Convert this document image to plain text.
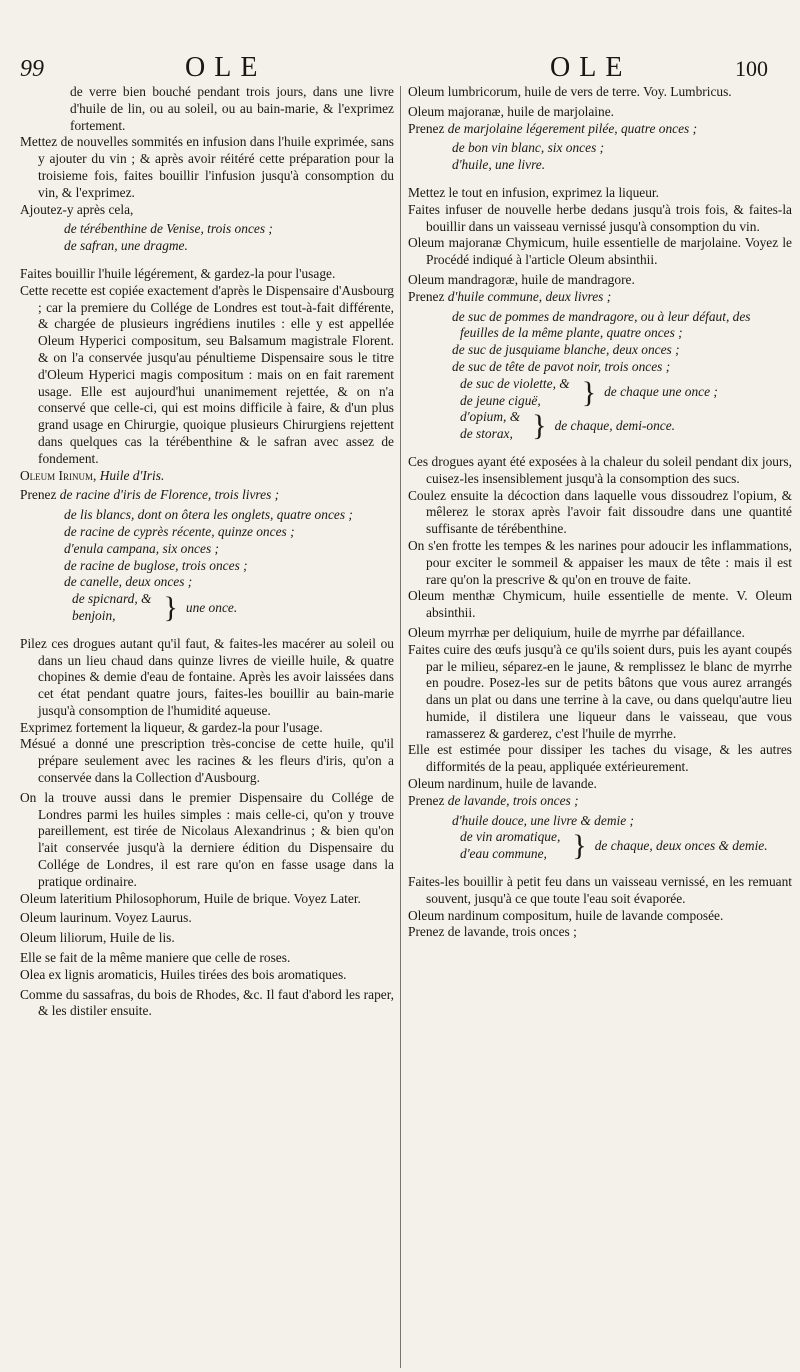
99	OLE	OLE	100

de verre bien bouché pendant trois jours, dans une livre d'huile de lin, ou au soleil, ou au bain-marie, & l'exprimez fortement.

Mettez de nouvelles sommités en infusion dans l'huile exprimée, sans y ajouter du vin ; & après avoir réitéré cette préparation pour la troisieme fois, faites bouillir l'infusion jusqu'à consomption du vin, & l'exprimez.

Ajoutez-y après cela,

de térébenthine de Venise, trois onces ;

de safran, une dragme.

Faites bouillir l'huile légérement, & gardez-la pour l'usage.

Cette recette est copiée exactement d'après le Dispensaire d'Ausbourg ; car la premiere du Collége de Londres est tout-à-fait différente, & chargée de plusieurs ingrédiens inutiles : elle y est appellée Oleum Hyperici compositum, seu Balsamum magistrale Florent. & on l'a conservée jusqu'au pénultieme Dispensaire sous le titre d'Oleum Hyperici magis compositum : mais on en fait rarement usage. Elle est aujourd'hui unanimement rejettée, & on n'a conservé que celle-ci, qui est moins difficile à faire, & d'un plus grand usage en Chirurgie, quoique plusieurs Chirurgiens rejettent dans quelques cas la térébenthine & le safran avec assez de fondement.

Oleum Irinum, Huile d'Iris.

Prenez de racine d'iris de Florence, trois livres ;

de lis blancs, dont on ôtera les onglets, quatre onces ;

de racine de cyprès récente, quinze onces ;

d'enula campana, six onces ;

de racine de buglose, trois onces ;

de canelle, deux onces ;

de spicnard, &

benjoin,	} une once.

Pilez ces drogues autant qu'il faut, & faites-les macérer au soleil ou dans un lieu chaud dans quinze livres de vieille huile, & quatre chopines & demie d'eau de fontaine. Après les avoir laissées dans cet état pendant quatre jours, faites-les bouillir au bain-marie jusqu'à consomption de l'humidité aqueuse.

Exprimez fortement la liqueur, & gardez-la pour l'usage.

Mésué a donné une prescription très-concise de cette huile, qu'il prépare seulement avec les racines & les fleurs d'iris, qu'on a conservée dans la Collection d'Ausbourg.

On la trouve aussi dans le premier Dispensaire du Collége de Londres parmi les huiles simples : mais celle-ci, qu'on y trouve pareillement, est tirée de Nicolaus Alexandrinus ; & bien qu'on l'ait conservée jusqu'à la derniere édition du Dispensaire du Collége de Londres, il est rare qu'on en fasse usage dans la pratique ordinaire.

Oleum lateritium Philosophorum, Huile de brique. Voyez Later.

Oleum laurinum. Voyez Laurus.

Oleum liliorum, Huile de lis.

Elle se fait de la même maniere que celle de roses.

Olea ex lignis aromaticis, Huiles tirées des bois aromatiques.

Comme du sassafras, du bois de Rhodes, &c. Il faut d'abord les raper, & les distiler ensuite.

Oleum lumbricorum, huile de vers de terre. Voy. Lumbricus.

Oleum majoranæ, huile de marjolaine.

Prenez de marjolaine légerement pilée, quatre onces ;

de bon vin blanc, six onces ;

d'huile, une livre.

Mettez le tout en infusion, exprimez la liqueur.

Faites infuser de nouvelle herbe dedans jusqu'à trois fois, & faites-la bouillir dans un vaisseau vernissé jusqu'à consomption du vin.

Oleum majoranæ Chymicum, huile essentielle de marjolaine. Voyez le Procédé indiqué à l'article Oleum absinthii.

Oleum mandragoræ, huile de mandragore.

Prenez d'huile commune, deux livres ;

de suc de pommes de mandragore, ou à leur défaut, des feuilles de la même plante, quatre onces ;

de suc de jusquiame blanche, deux onces ;

de suc de tête de pavot noir, trois onces ;

de suc de violette, &

de jeune ciguë,	} de chaque une once ;

d'opium, &

de storax, } de chaque, demi-once.

Ces drogues ayant été exposées à la chaleur du soleil pendant dix jours, cuisez-les insensiblement jusqu'à la consomption des sucs.

Coulez ensuite la décoction dans laquelle vous dissoudrez l'opium, & mêlerez le storax après l'avoir fait dissoudre dans une quantité suffisante de térébenthine.

On s'en frotte les tempes & les narines pour adoucir les inflammations, pour exciter le sommeil & appaiser les maux de tête : mais il est rare qu'on la prescrive & qu'on en trouve de faite.

Oleum menthæ Chymicum, huile essentielle de mente. V. Oleum absinthii.

Oleum myrrhæ per deliquium, huile de myrrhe par défaillance.

Faites cuire des œufs jusqu'à ce qu'ils soient durs, puis les ayant coupés par le milieu, séparez-en le jaune, & remplissez le blanc de myrrhe en poudre. Posez-les sur de petits bâtons que vous aurez arrangés dans un plat ou dans une terrine à la cave, ou dans quelqu'autre lieu humide, il distilera une liqueur dans le vaisseau, que vous ramasserez & garderez, c'est l'huile de myrrhe.

Elle est estimée pour dissiper les taches du visage, & les autres difformités de la peau, appliquée extérieurement.

Oleum nardinum, huile de lavande.

Prenez de lavande, trois onces ;

d'huile douce, une livre & demie ;

de vin aromatique,

d'eau commune, } de chaque, deux onces & demie.

Faites-les bouillir à petit feu dans un vaisseau vernissé, en les remuant souvent, jusqu'à ce que toute l'eau soit évaporée.

Oleum nardinum compositum, huile de lavande composée.

Prenez de lavande, trois onces ;
